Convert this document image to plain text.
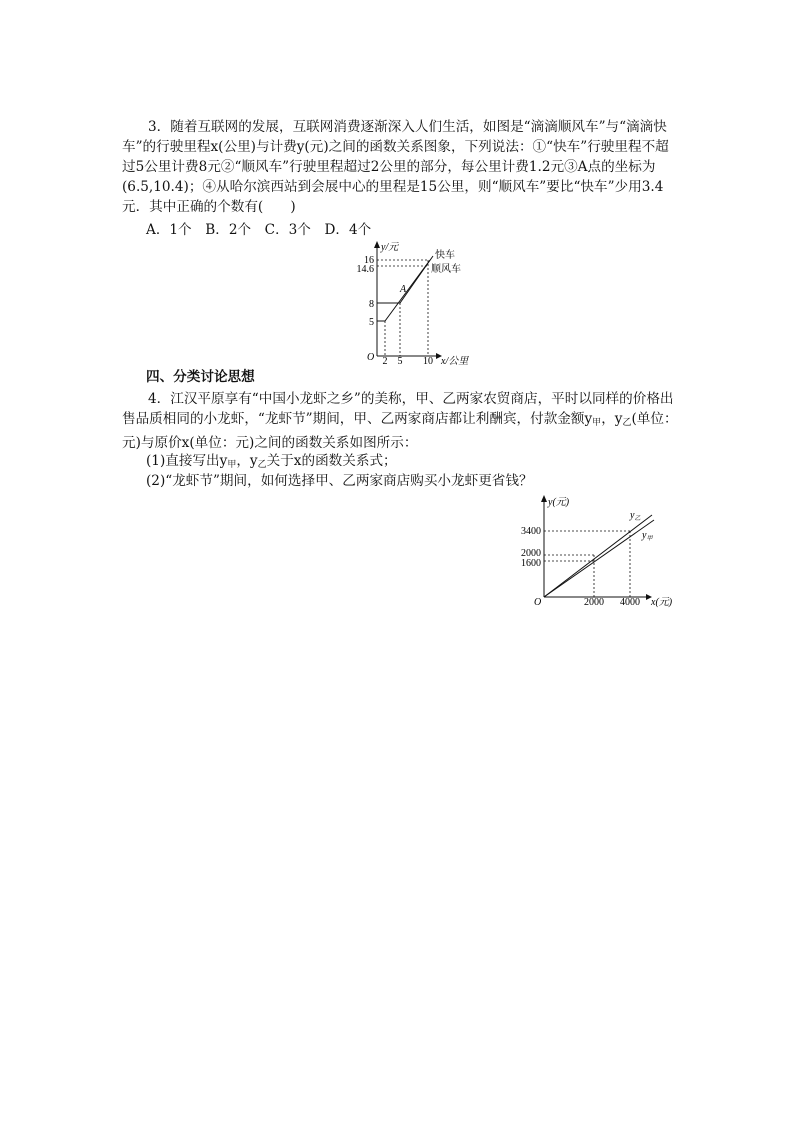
3．随着互联网的发展，互联网消费逐渐深入人们生活，如图是“滴滴顺风车”与“滴滴快车”的行驶里程x(公里)与计费y(元)之间的函数关系图象，下列说法：①“快车”行驶里程不超过5公里计费8元②“顺风车”行驶里程超过2公里的部分，每公里计费1.2元③A点的坐标为(6.5,10.4)；④从哈尔滨西站到会展中心的里程是15公里，则“顺风车”要比“快车”少用3.4元．其中正确的个数有(　　)

A．1个　B．2个　C．3个　D．4个
y/元
16
14.6
8
5
O 2 5 10 x/公里
A
快车
顺风车
四、分类讨论思想

4．江汉平原享有“中国小龙虾之乡”的美称，甲、乙两家农贸商店，平时以同样的价格出售品质相同的小龙虾，“龙虾节”期间，甲、乙两家商店都让利酬宾，付款金额$y_甲$，$y_乙$(单位：元)与原价x(单位：元)之间的函数关系如图所示：

(1)直接写出$y_甲$，$y_乙$关于x的函数关系式；
(2)“龙虾节”期间，如何选择甲、乙两家商店购买小龙虾更省钱？
y(元)
3400
2000
1600
O	2000 4000 x(元)
$y_乙$
$y_甲$
